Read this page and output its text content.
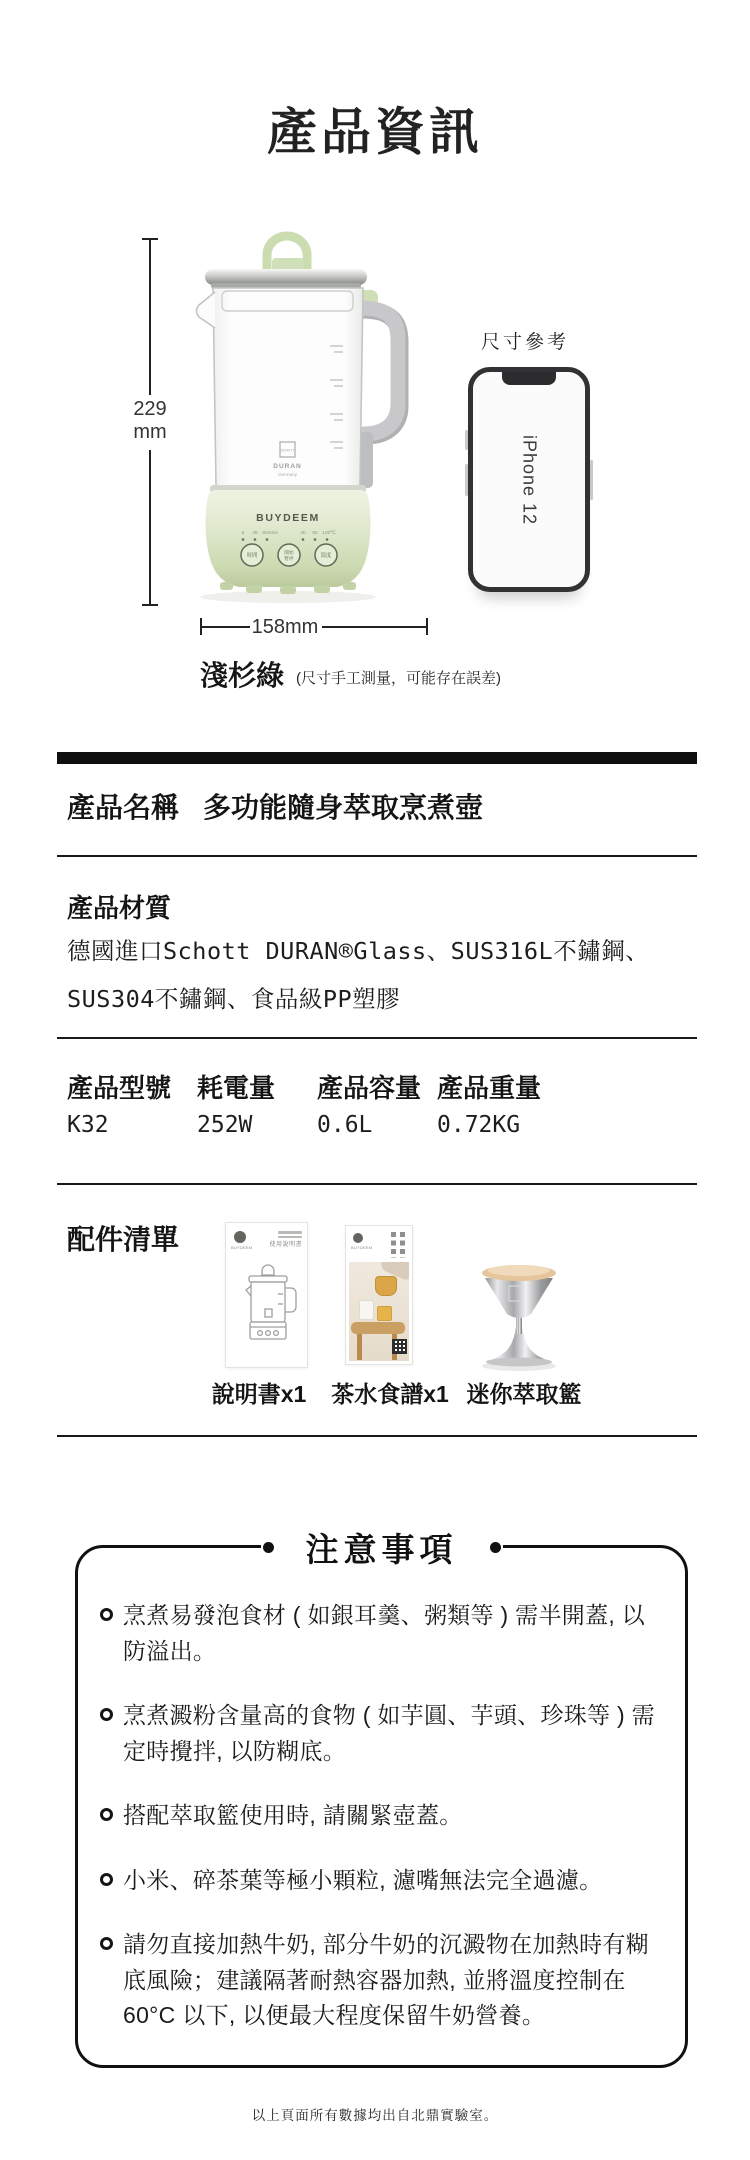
產品資訊
229
mm
SCHOTT
DURAN
Germany
BUYDEEM
5 45 90mins	40 80 100℃
時間
開始
暫停	溫度
尺寸參考
iPhone 12
158mm
淺杉綠 (尺寸手工測量，可能存在誤差)
產品名稱 多功能隨身萃取烹煮壺
產品材質
德國進口Schott DURAN®Glass、SUS316L不鏽鋼、
SUS304不鏽鋼、食品級PP塑膠
產品型號 耗電量 產品容量 產品重量
K32	252W	0.6L	0.72KG
配件清單	BUYDEEM	使用說明書	BUYDEEM
說明書x1	茶水食譜x1 迷你萃取籃
注意事項
烹煮易發泡食材 ( 如銀耳羹、粥類等 ) 需半開蓋, 以防溢出。
烹煮澱粉含量高的食物 ( 如芋圓、芋頭、珍珠等 ) 需定時攪拌, 以防糊底。
搭配萃取籃使用時, 請關緊壺蓋。
小米、碎茶葉等極小顆粒, 濾嘴無法完全過濾。
請勿直接加熱牛奶, 部分牛奶的沉澱物在加熱時有糊底風險；建議隔著耐熱容器加熱, 並將溫度控制在 60°C 以下, 以便最大程度保留牛奶營養。
以上頁面所有數據均出自北鼎實驗室。
